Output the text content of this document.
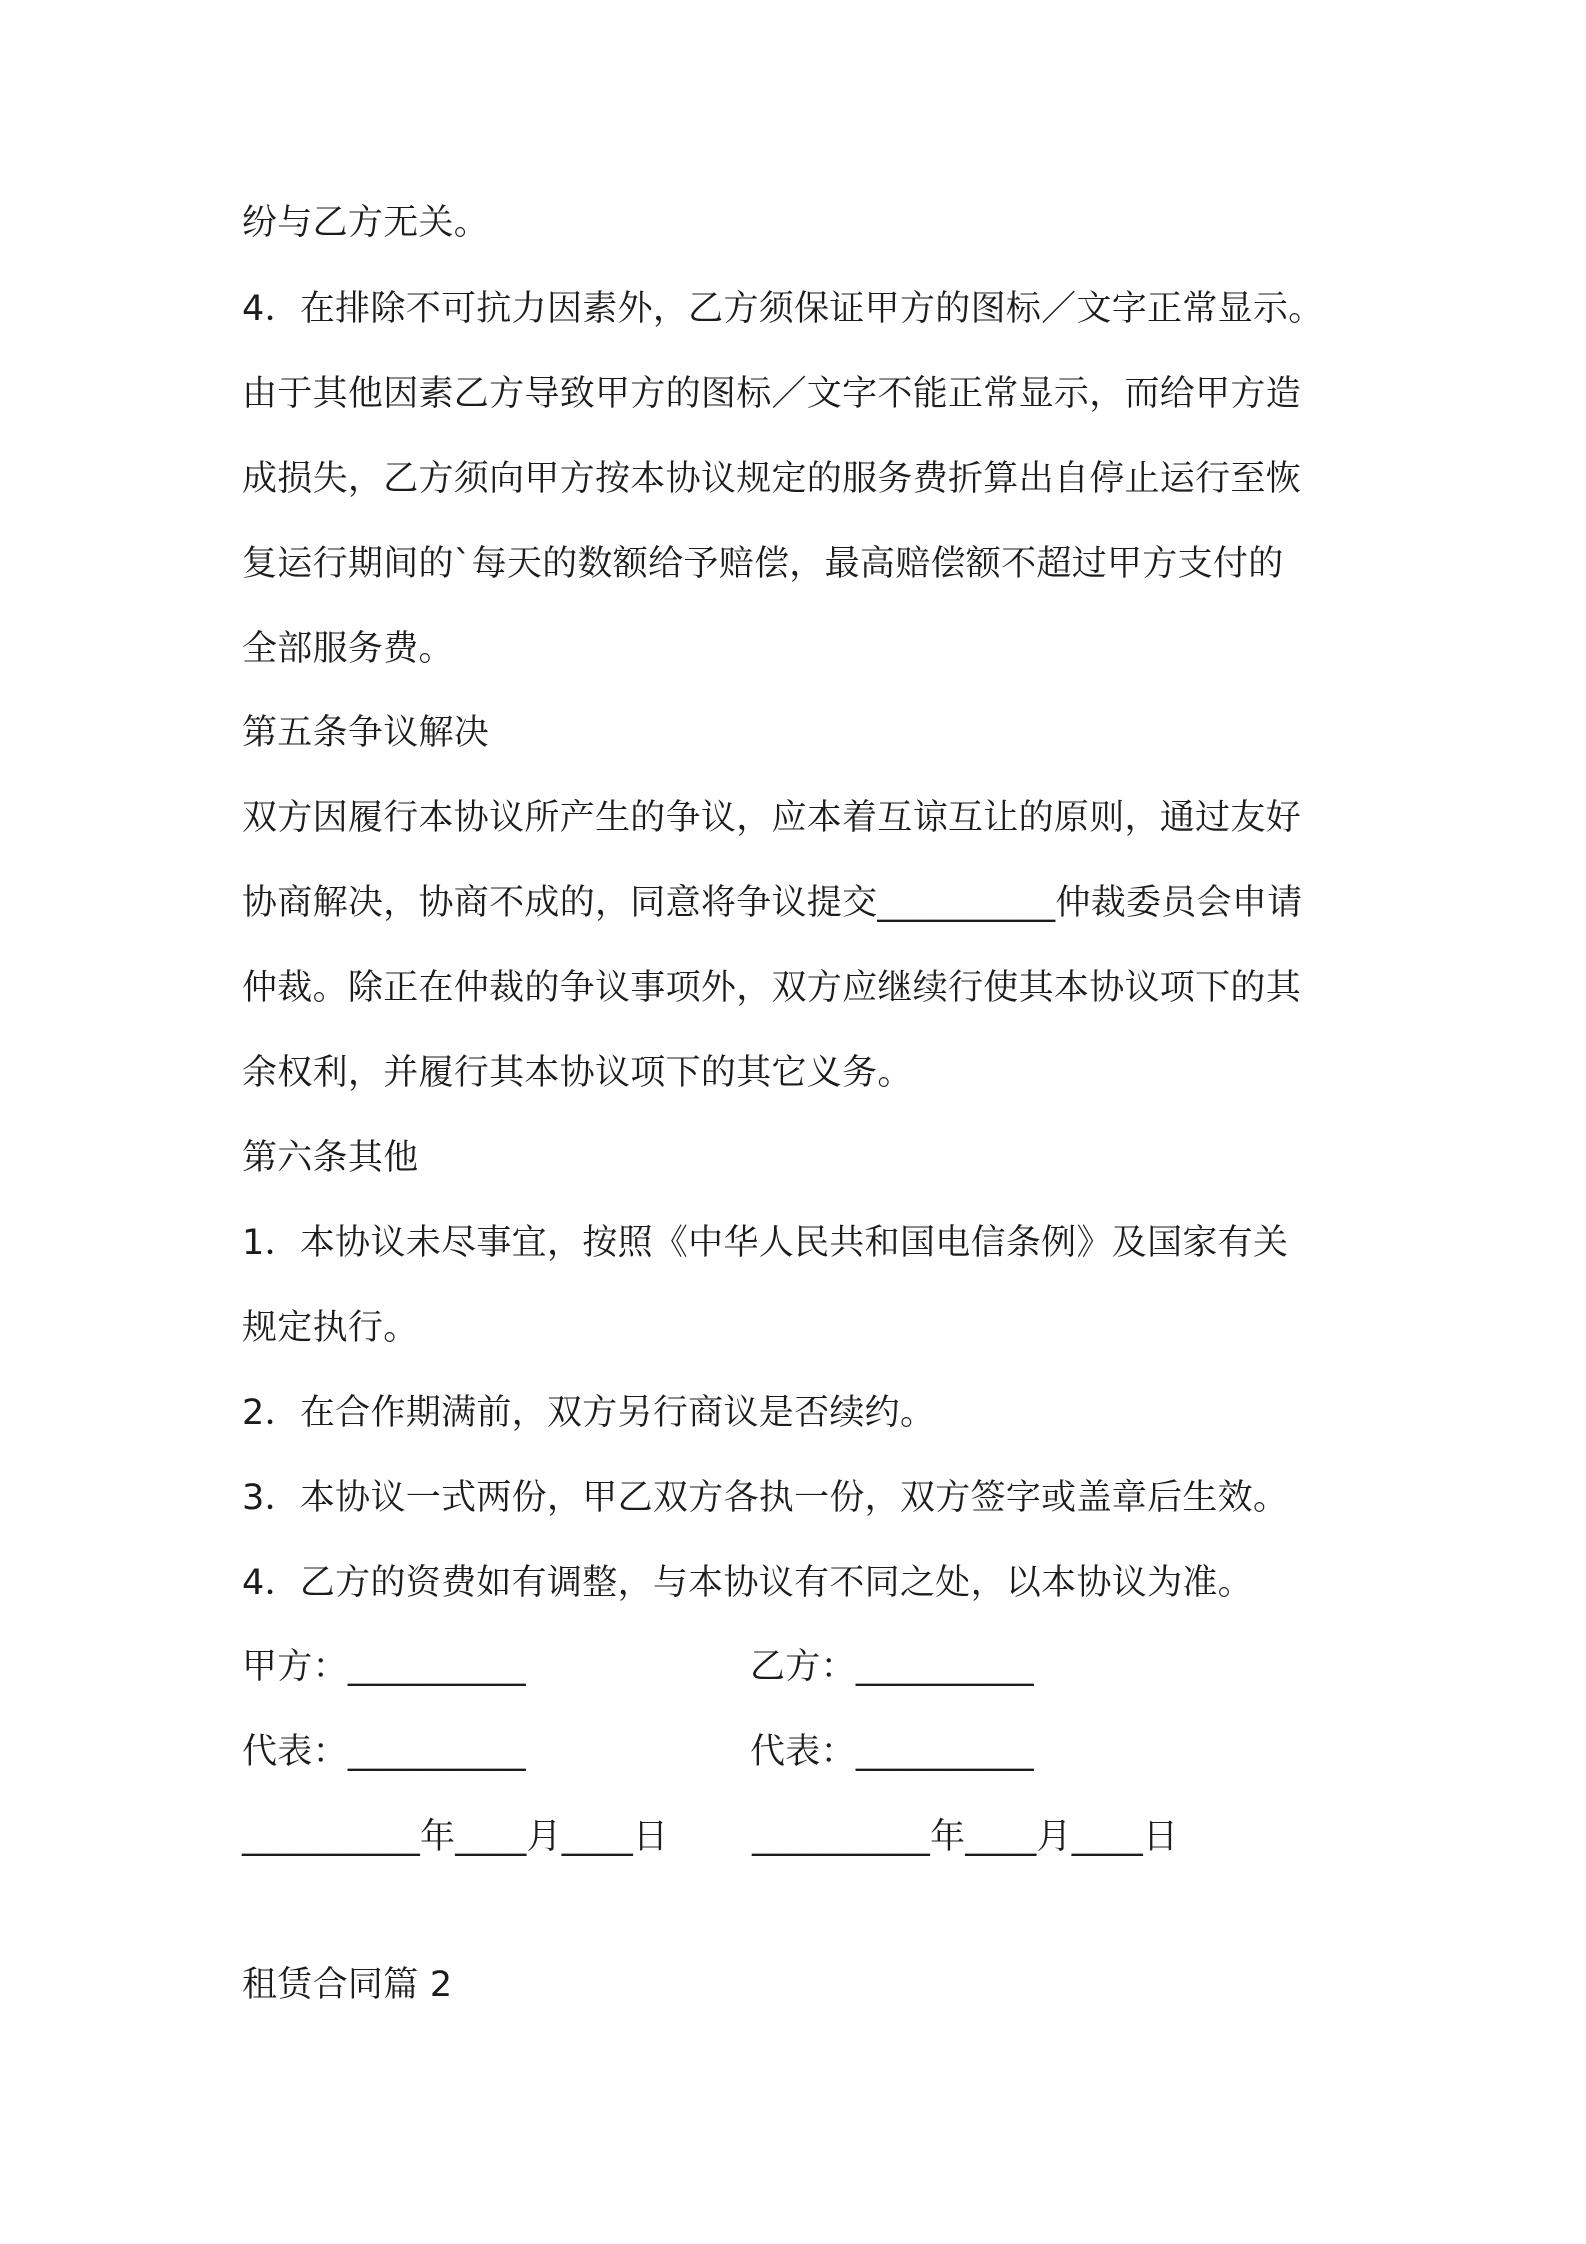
纷与乙方无关。
4．在排除不可抗力因素外，乙方须保证甲方的图标／文字正常显示。
由于其他因素乙方导致甲方的图标／文字不能正常显示，而给甲方造
成损失，乙方须向甲方按本协议规定的服务费折算出自停止运行至恢
复运行期间的`每天的数额给予赔偿，最高赔偿额不超过甲方支付的
全部服务费。
第五条争议解决
双方因履行本协议所产生的争议，应本着互谅互让的原则，通过友好
协商解决，协商不成的，同意将争议提交__________仲裁委员会申请
仲裁。除正在仲裁的争议事项外，双方应继续行使其本协议项下的其
余权利，并履行其本协议项下的其它义务。
第六条其他
1．本协议未尽事宜，按照《中华人民共和国电信条例》及国家有关
规定执行。
2．在合作期满前，双方另行商议是否续约。
3．本协议一式两份，甲乙双方各执一份，双方签字或盖章后生效。
4．乙方的资费如有调整，与本协议有不同之处，以本协议为准。
甲方：__________	乙方：__________
代表：__________	代表：__________
__________年____月____日 __________年____月____日
租赁合同篇 2
